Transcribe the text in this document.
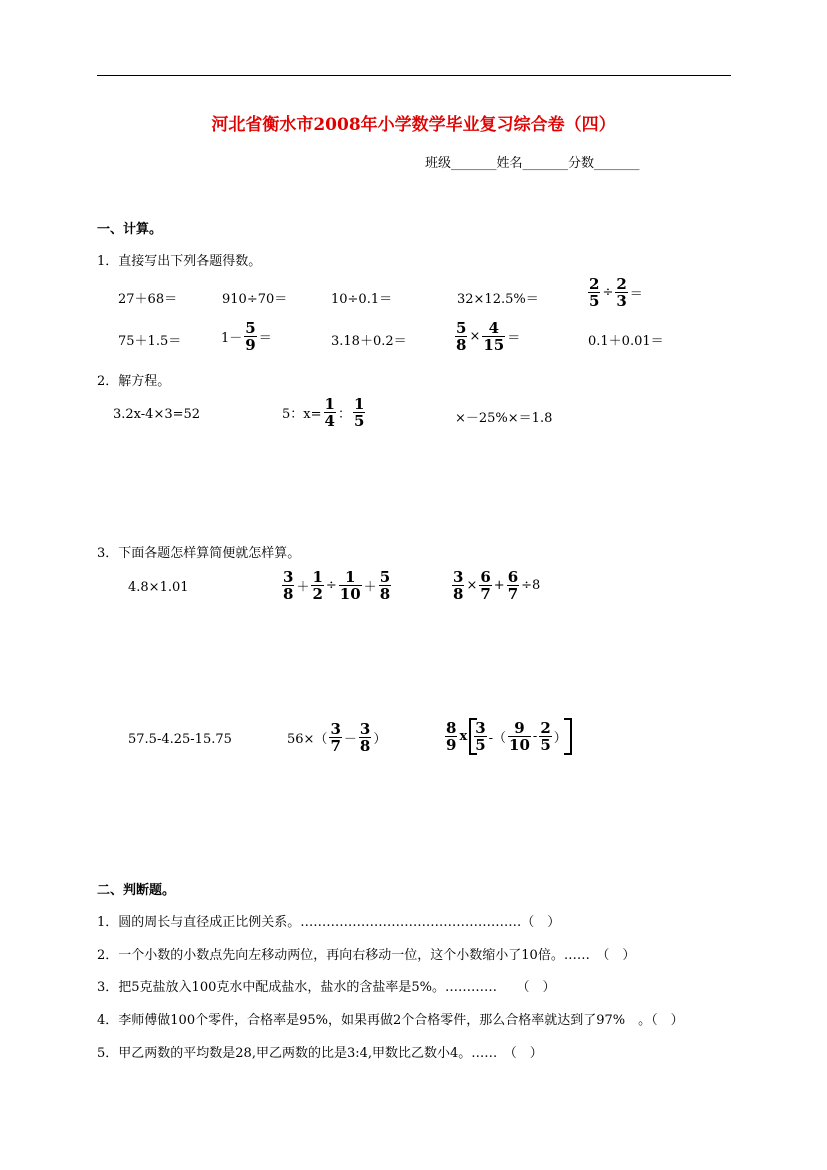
河北省衡水市2008年小学数学毕业复习综合卷（四）
班级_______姓名_______分数_______
一、计算。
1．直接写出下列各题得数。
27＋68＝	910÷70＝	10÷0.1＝	32×12.5%＝	$\frac{2}{5} \div \frac{2}{3}$ ＝
75＋1.5＝	$1- \frac{5}{9}$ ＝	3.18＋0.2＝	$\frac{5}{8} \times \frac{4}{15}$ ＝	0.1＋0.01＝
2．解方程。
3.2x-4×3=52	5：$x= \frac{1}{4}$ ： $\frac{1}{5}$	×－25%×＝1.8
3．下面各题怎样算简便就怎样算。
4.8×1.01	$\frac{3}{8} + \frac{1}{2} \div \frac{1}{10} + \frac{5}{8}$	$\frac{3}{8} \times \frac{6}{7} + \frac{6}{7} \div 8$
57.5-4.25-15.75	$56\times( \frac{3}{7} - \frac{3}{8}$ ）	$\frac{8}{9}$ x $\frac{3}{5}$ -（ $\frac{9}{10} - \frac{2}{5}$ ）
二、判断题。
1．圆的周长与直径成正比例关系。……………………………………………（　）
2．一个小数的小数点先向左移动两位，再向右移动一位，这个小数缩小了10倍。……　（　）
3．把5克盐放入100克水中配成盐水，盐水的含盐率是5%。…………　　（　）
4．李师傅做100个零件，合格率是95%，如果再做2个合格零件，那么合格率就达到了97%　。（　）
5．甲乙两数的平均数是28,甲乙两数的比是3:4,甲数比乙数小4。……　（　）
